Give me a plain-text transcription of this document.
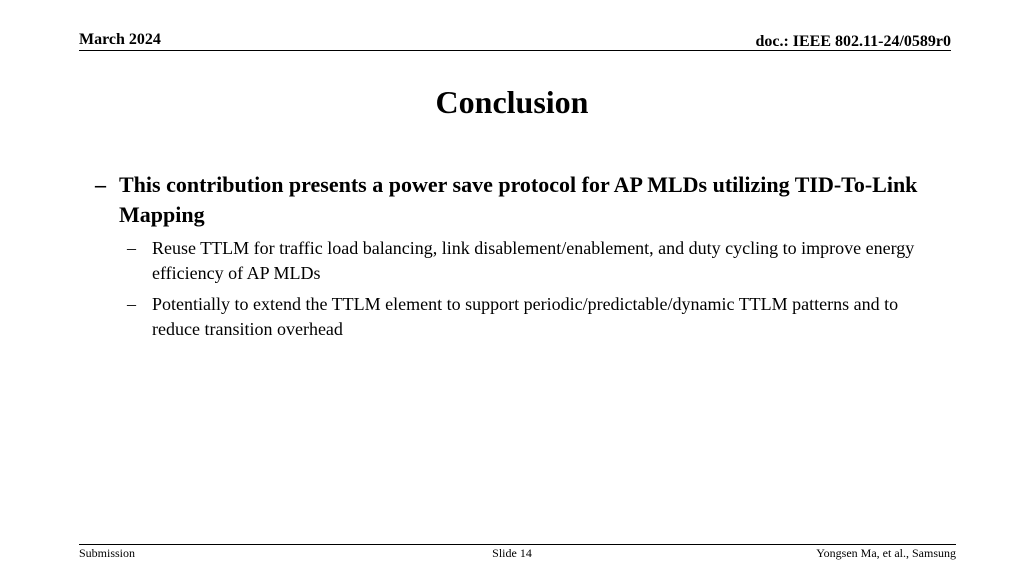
March 2024	doc.: IEEE 802.11-24/0589r0
Conclusion
– This contribution presents a power save protocol for AP MLDs utilizing TID-To-Link Mapping
– Reuse TTLM for traffic load balancing, link disablement/enablement, and duty cycling to improve energy efficiency of AP MLDs
– Potentially to extend the TTLM element to support periodic/predictable/dynamic TTLM patterns and to reduce transition overhead
Submission	Slide 14	Yongsen Ma, et al., Samsung
